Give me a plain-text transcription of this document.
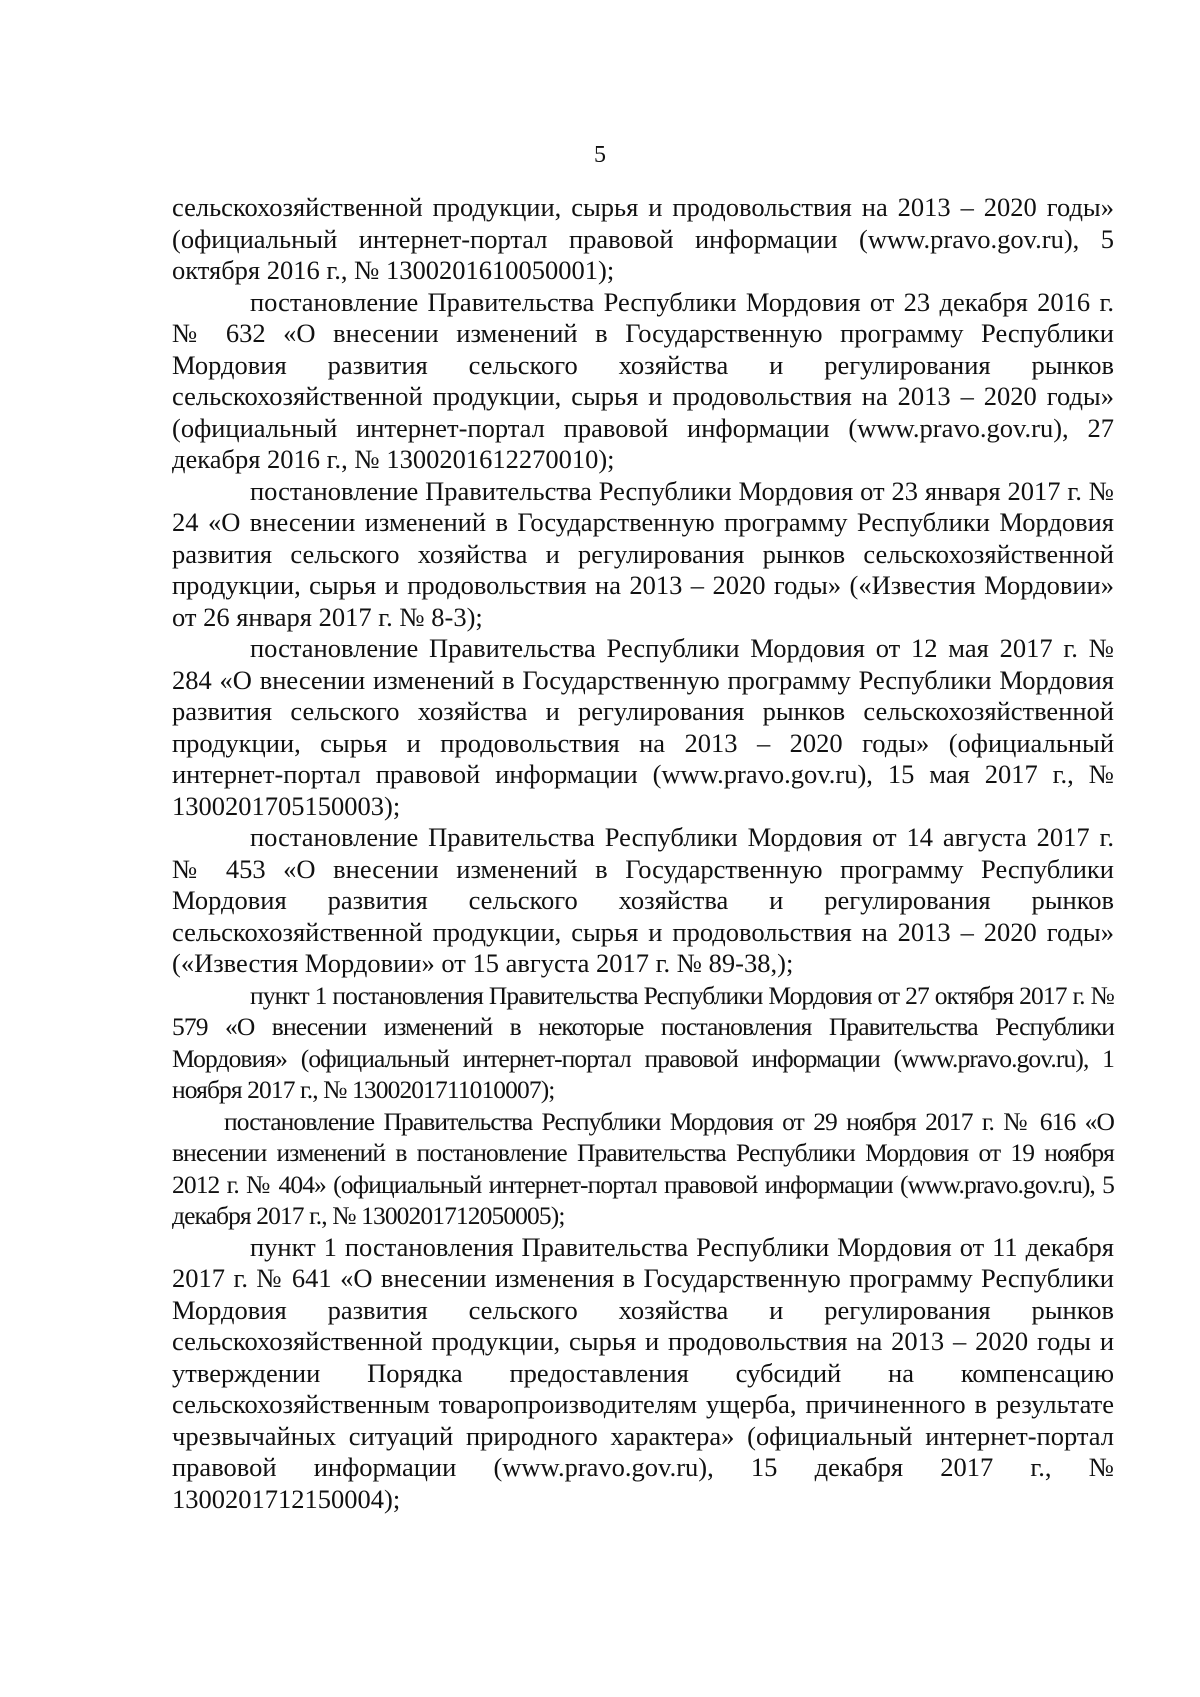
5

сельскохозяйственной продукции, сырья и продовольствия на 2013 – 2020 годы» (официальный интернет-портал правовой информации (www.pravo.gov.ru), 5 октября 2016 г., № 1300201610050001);

постановление Правительства Республики Мордовия от 23 декабря 2016 г. № 632 «О внесении изменений в Государственную программу Республики Мордовия развития сельского хозяйства и регулирования рынков сельскохозяйственной продукции, сырья и продовольствия на 2013 – 2020 годы» (официальный интернет-портал правовой информации (www.pravo.gov.ru), 27 декабря 2016 г., № 1300201612270010);

постановление Правительства Республики Мордовия от 23 января 2017 г. № 24 «О внесении изменений в Государственную программу Республики Мордовия развития сельского хозяйства и регулирования рынков сельскохозяйственной продукции, сырья и продовольствия на 2013 – 2020 годы» («Известия Мордовии» от 26 января 2017 г. № 8-3);

постановление Правительства Республики Мордовия от 12 мая 2017 г. № 284 «О внесении изменений в Государственную программу Республики Мордовия развития сельского хозяйства и регулирования рынков сельскохозяйственной продукции, сырья и продовольствия на 2013 – 2020 годы» (официальный интернет-портал правовой информации (www.pravo.gov.ru), 15 мая 2017 г., № 1300201705150003);

постановление Правительства Республики Мордовия от 14 августа 2017 г. № 453 «О внесении изменений в Государственную программу Республики Мордовия развития сельского хозяйства и регулирования рынков сельскохозяйственной продукции, сырья и продовольствия на 2013 – 2020 годы» («Известия Мордовии» от 15 августа 2017 г. № 89-38,);

пункт 1 постановления Правительства Республики Мордовия от 27 октября 2017 г. № 579 «О внесении изменений в некоторые постановления Правительства Республики Мордовия» (официальный интернет-портал правовой информации (www.pravo.gov.ru), 1 ноября 2017 г., № 1300201711010007);

постановление Правительства Республики Мордовия от 29 ноября 2017 г. № 616 «О внесении изменений в постановление Правительства Республики Мордовия от 19 ноября 2012 г. № 404» (официальный интернет-портал правовой информации (www.pravo.gov.ru), 5 декабря 2017 г., № 1300201712050005);

пункт 1 постановления Правительства Республики Мордовия от 11 декабря 2017 г. № 641 «О внесении изменения в Государственную программу Республики Мордовия развития сельского хозяйства и регулирования рынков сельскохозяйственной продукции, сырья и продовольствия на 2013 – 2020 годы и утверждении Порядка предоставления субсидий на компенсацию сельскохозяйственным товаропроизводителям ущерба, причиненного в результате чрезвычайных ситуаций природного характера» (официальный интернет-портал правовой информации (www.pravo.gov.ru), 15 декабря 2017 г., № 1300201712150004);
